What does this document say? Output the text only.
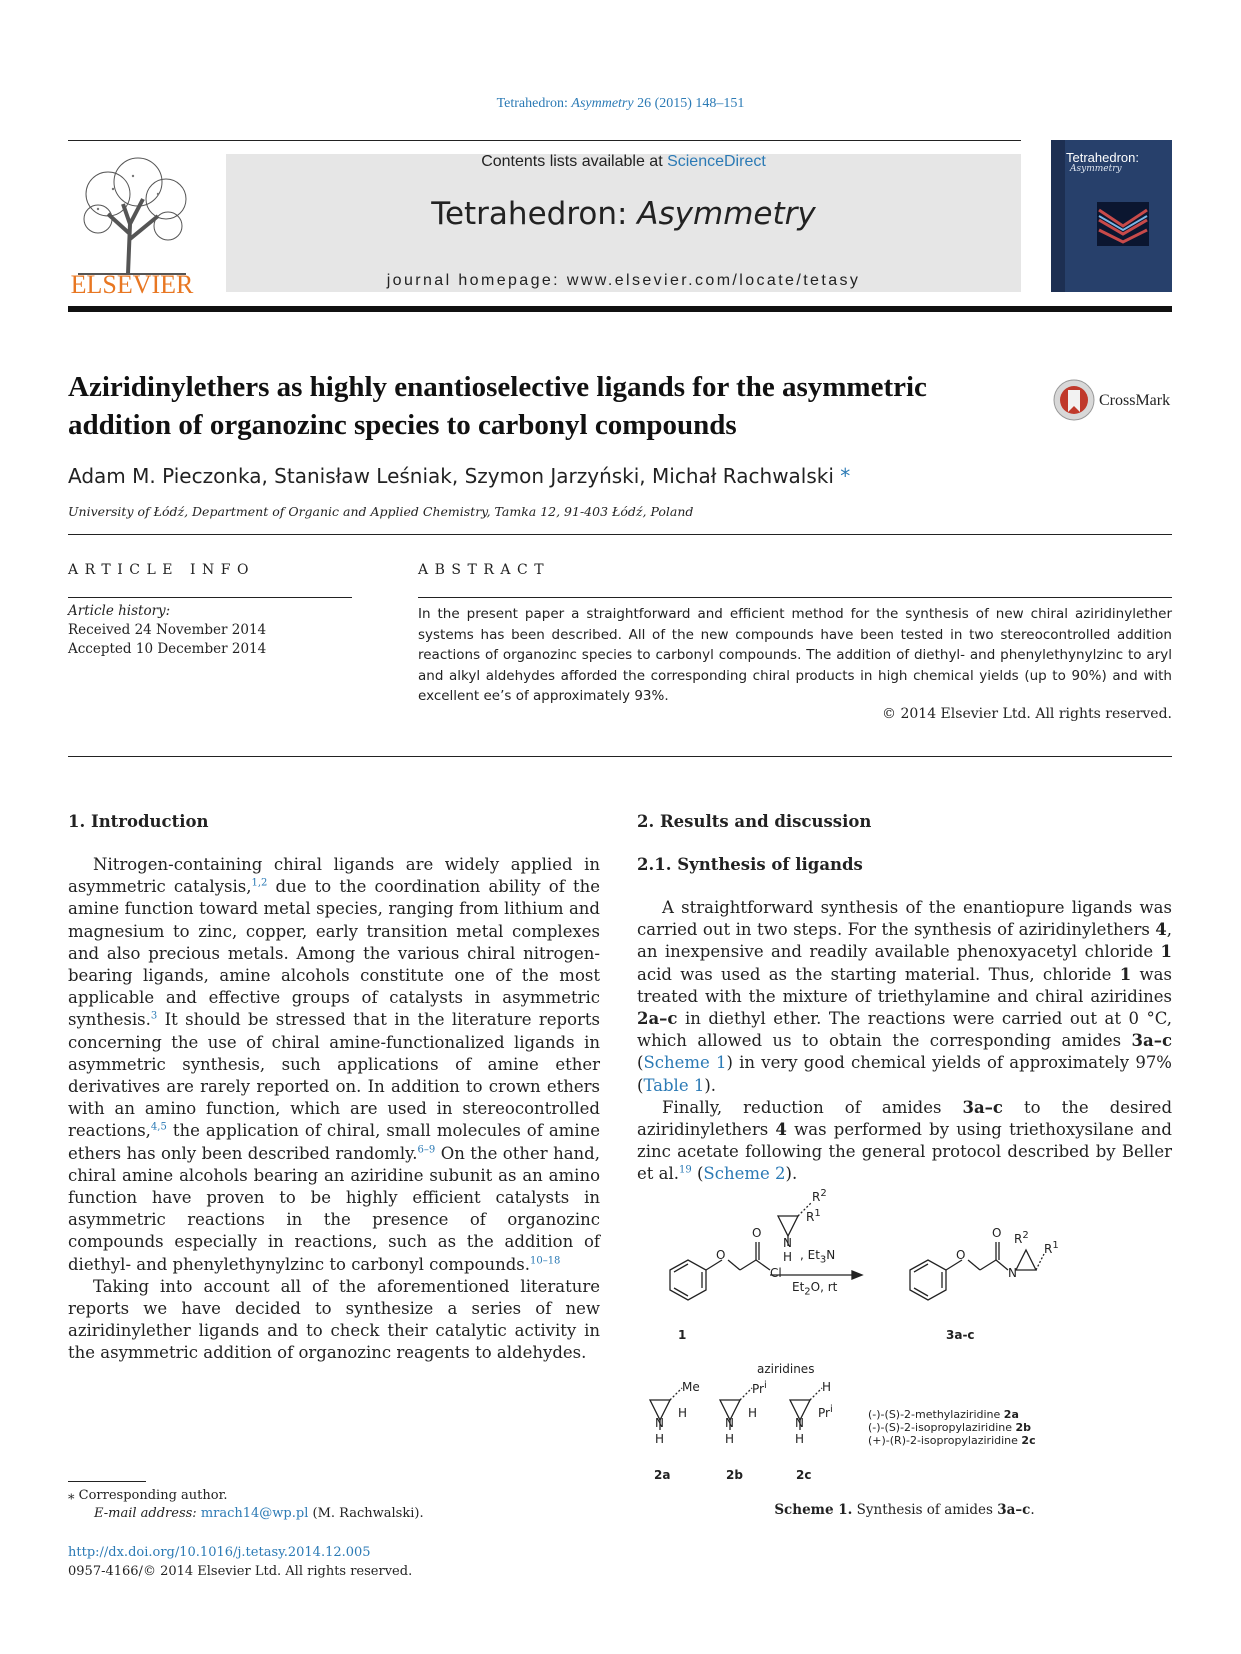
Tetrahedron: Asymmetry 26 (2015) 148–151
ELSEVIER
Contents lists available at ScienceDirect
Tetrahedron: Asymmetry
journal homepage: www.elsevier.com/locate/tetasy
Tetrahedron:
Asymmetry
Aziridinylethers as highly enantioselective ligands for the asymmetric addition of organozinc species to carbonyl compounds
CrossMark
Adam M. Pieczonka, Stanisław Leśniak, Szymon Jarzyński, Michał Rachwalski *
University of Łódź, Department of Organic and Applied Chemistry, Tamka 12, 91-403 Łódź, Poland
ARTICLE INFO	ABSTRACT
Article history:
Received 24 November 2014
Accepted 10 December 2014
In the present paper a straightforward and efficient method for the synthesis of new chiral aziridinylether systems has been described. All of the new compounds have been tested in two stereocontrolled addition reactions of organozinc species to carbonyl compounds. The addition of diethyl- and phenylethynylzinc to aryl and alkyl aldehydes afforded the corresponding chiral products in high chemical yields (up to 90%) and with excellent ee’s of approximately 93%.
© 2014 Elsevier Ltd. All rights reserved.
1. Introduction

Nitrogen-containing chiral ligands are widely applied in asymmetric catalysis,$^{1,2}$ due to the coordination ability of the amine function toward metal species, ranging from lithium and magnesium to zinc, copper, early transition metal complexes and also precious metals. Among the various chiral nitrogen-bearing ligands, amine alcohols constitute one of the most applicable and effective groups of catalysts in asymmetric synthesis.$^3$ It should be stressed that in the literature reports concerning the use of chiral amine-functionalized ligands in asymmetric synthesis, such applications of amine ether derivatives are rarely reported on. In addition to crown ethers with an amino function, which are used in stereocontrolled reactions,$^{4,5}$ the application of chiral, small molecules of amine ethers has only been described randomly.$^{6-9}$ On the other hand, chiral amine alcohols bearing an aziridine subunit as an amino function have proven to be highly efficient catalysts in asymmetric reactions in the presence of organozinc compounds especially in reactions, such as the addition of diethyl- and phenylethynylzinc to carbonyl compounds.$^{10-18}$

Taking into account all of the aforementioned literature reports we have decided to synthesize a series of new aziridinylether ligands and to check their catalytic activity in the asymmetric addition of organozinc reagents to aldehydes.

2. Results and discussion
2.1. Synthesis of ligands

A straightforward synthesis of the enantiopure ligands was carried out in two steps. For the synthesis of aziridinylethers 4, an inexpensive and readily available phenoxyacetyl chloride 1 acid was used as the starting material. Thus, chloride 1 was treated with the mixture of triethylamine and chiral aziridines 2a–c in diethyl ether. The reactions were carried out at 0 °C, which allowed us to obtain the corresponding amides 3a–c (Scheme 1) in very good chemical yields of approximately 97% (Table 1).

Finally, reduction of amides 3a–c to the desired aziridinylethers 4 was performed by using triethoxysilane and zinc acetate following the general protocol described by Beller et al.$^{19}$ (Scheme 2).

$R^2$
$R^1$
N
H , $Et_3N$
$Et_2O$, rt
O
O
Cl
O
O
N
$R^2$
$R^1$
1	3a-c
aziridines
Me
H
N
H
Pr$^i$
H
N
H
H
Pr$^i$
N
H
2a	2b	2c
(-)-(S)-2-methylaziridine 2a
(-)-(S)-2-isopropylaziridine 2b
(+)-(R)-2-isopropylaziridine 2c
Scheme 1. Synthesis of amides 3a–c.
⁎ Corresponding author.
E-mail address: mrach14@wp.pl (M. Rachwalski).
http://dx.doi.org/10.1016/j.tetasy.2014.12.005
0957-4166/© 2014 Elsevier Ltd. All rights reserved.
